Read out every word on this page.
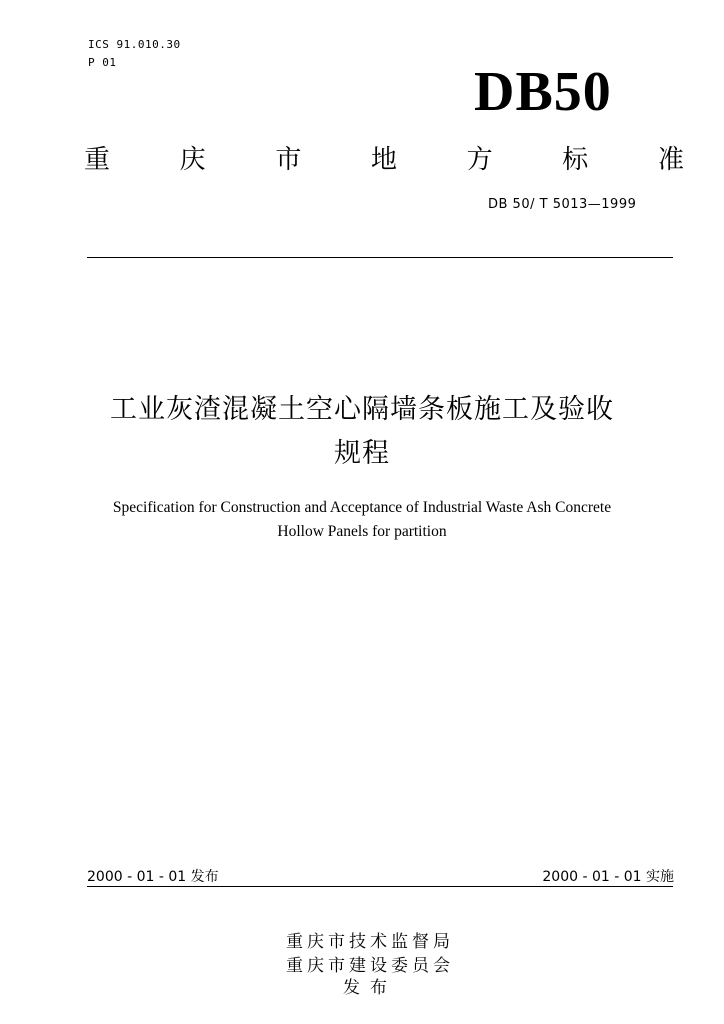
ICS 91.010.30
P 01	DB50
重	庆	市	地	方	标	准
DB 50/ T 5013—1999
工业灰渣混凝土空心隔墙条板施工及验收
规程
Specification for Construction and Acceptance of Industrial Waste Ash Concrete
Hollow Panels for partition
2000 - 01 - 01 发布	2000 - 01 - 01 实施
重庆市技术监督局
重庆市建设委员会
发布
